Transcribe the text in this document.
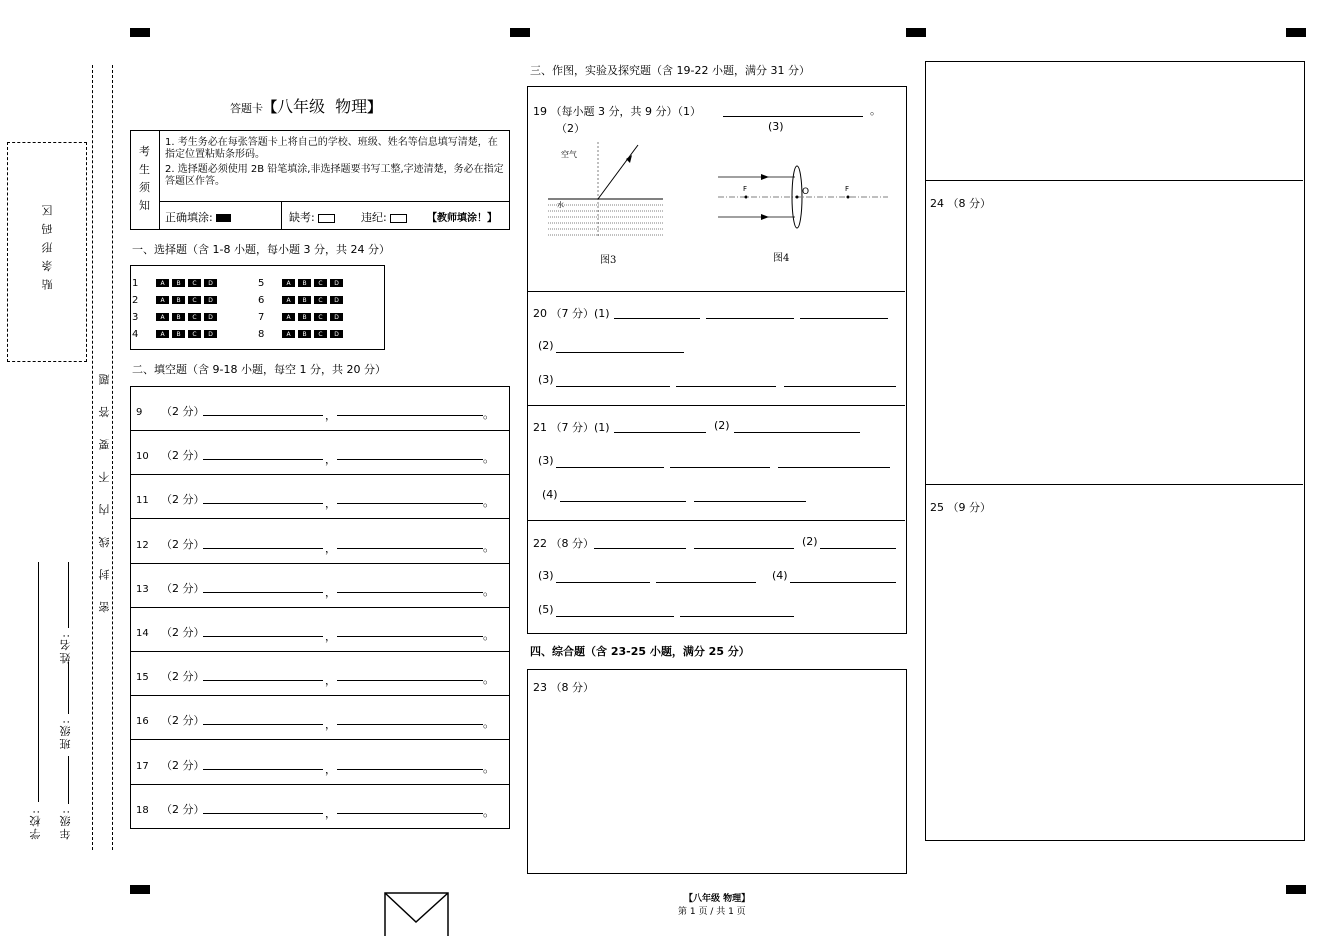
贴 条 形 码 区
密 封 线 内 不 要 答 题
学校: 年级:
班级:
姓名:
答题卡【八年级  物理】
考生须知
1. 考生务必在每张答题卡上将自己的学校、班级、姓名等信息填写清楚，在指定位置粘贴条形码。
2. 选择题必须使用 2B 铅笔填涂,非选择题要书写工整,字迹清楚，务必在指定答题区作答。
正确填涂:	缺考:	违纪:	【教师填涂！】
一、选择题（含 1-8 小题，每小题 3 分，共 24 分）
1	A B C D	5	A B C D
2	A B C D	6	A B C D
3	A B C D	7	A B C D
4	A B C D	8	A B C D
二、填空题（含 9-18 小题，每空 1 分，共 20 分）
9 （2 分）	，	。
10 （2 分）	，	。
11 （2 分）	，	。
12 （2 分）	，	。
13 （2 分）	，	。
14 （2 分）	，	。
15 （2 分）	，	。
16 （2 分）	，	。
17 （2 分）	，	。
18 （2 分）	，	。
三、作图，实验及探究题（含 19-22 小题，满分 31 分）
19 （每小题 3 分，共 9 分）（1）	。
（2）	(3)
空气
水
图3
F	O	F
图4
20 （7 分）(1)
(2)
(3)
21 （7 分）(1)	(2)
(3)
(4)
22 （8 分）	(2)
(3)	(4)
(5)
四、综合题（含 23-25 小题，满分 25 分）
23 （8 分）
24 （8 分）
25 （9 分）
【八年级 物理】
第 1 页 / 共 1 页
